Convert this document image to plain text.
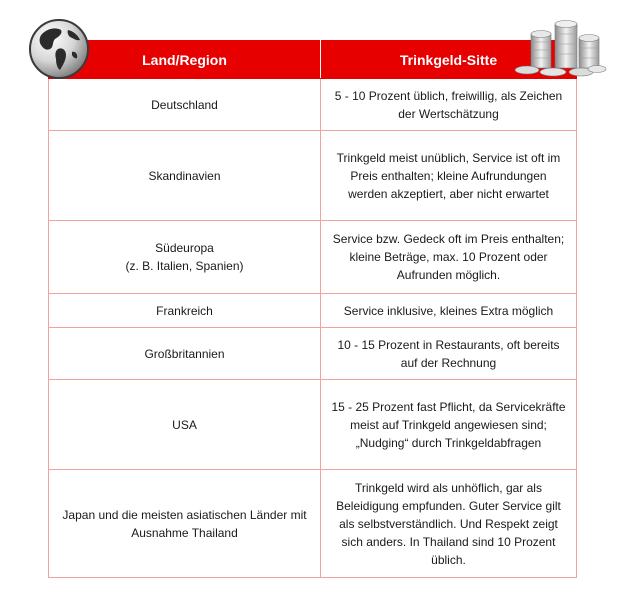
Land/Region	Trinkgeld-Sitte
Deutschland	5 - 10 Prozent üblich, freiwillig, als Zeichen der Wertschätzung
Skandinavien	Trinkgeld meist unüblich, Service ist oft im Preis enthalten; kleine Aufrundungen werden akzeptiert, aber nicht erwartet

Südeuropa
(z. B. Italien, Spanien)	Service bzw. Gedeck oft im Preis enthalten; kleine Beträge, max. 10 Prozent oder Aufrunden möglich.
Frankreich	Service inklusive, kleines Extra möglich
Großbritannien	10 - 15 Prozent in Restaurants, oft bereits auf der Rechnung
USA	15 - 25 Prozent fast Pflicht, da Servicekräfte meist auf Trinkgeld angewiesen sind; „Nudging“ durch Trinkgeldabfragen
Japan und die meisten asiatischen Länder mit Ausnahme Thailand	Trinkgeld wird als unhöflich, gar als Beleidigung empfunden. Guter Service gilt als selbstverständlich. Und Respekt zeigt sich anders. In Thailand sind 10 Prozent üblich.
